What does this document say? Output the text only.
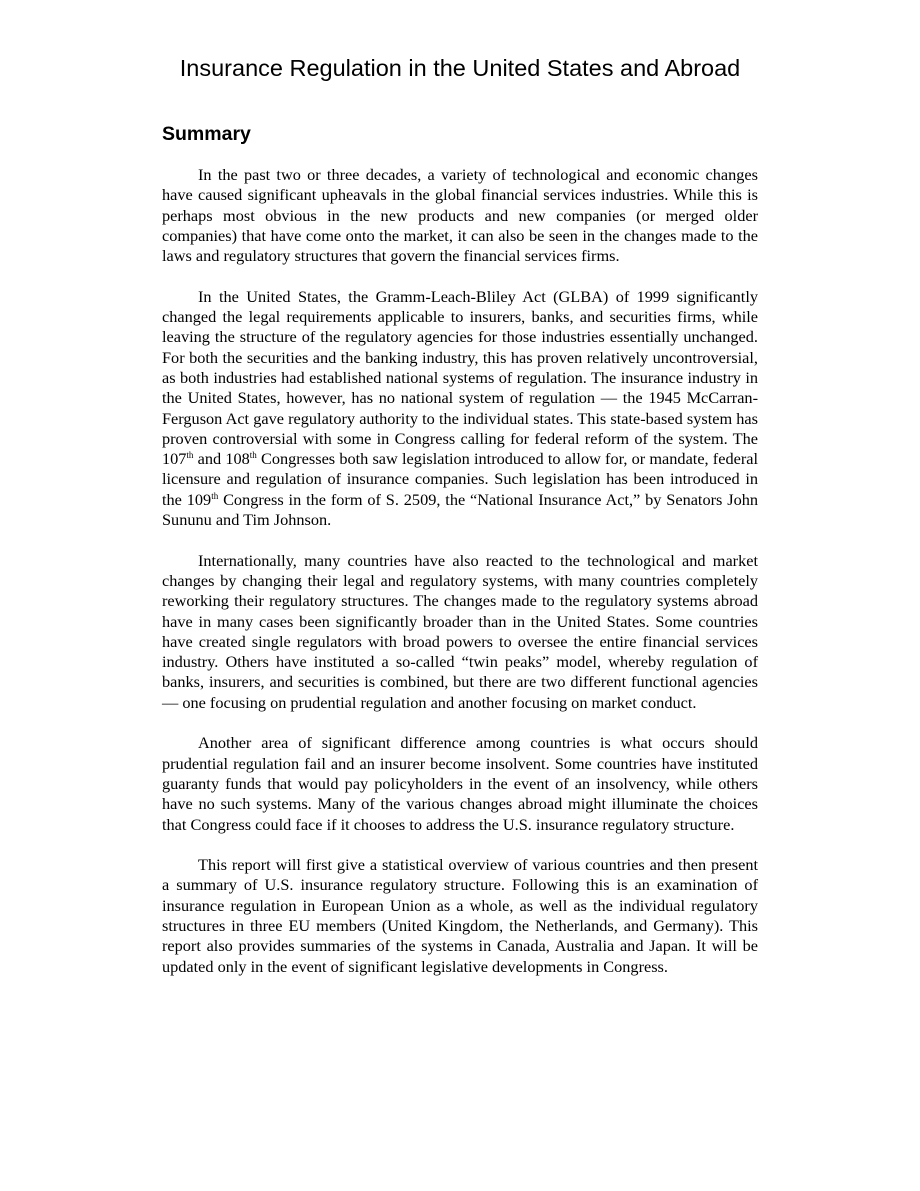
Insurance Regulation in the United States and Abroad
Summary

In the past two or three decades, a variety of technological and economic changes have caused significant upheavals in the global financial services industries. While this is perhaps most obvious in the new products and new companies (or merged older companies) that have come onto the market, it can also be seen in the changes made to the laws and regulatory structures that govern the financial services firms.

In the United States, the Gramm-Leach-Bliley Act (GLBA) of 1999 significantly changed the legal requirements applicable to insurers, banks, and securities firms, while leaving the structure of the regulatory agencies for those industries essentially unchanged. For both the securities and the banking industry, this has proven relatively uncontroversial, as both industries had established national systems of regulation. The insurance industry in the United States, however, has no national system of regulation — the 1945 McCarran-Ferguson Act gave regulatory authority to the individual states. This state-based system has proven controversial with some in Congress calling for federal reform of the system. The 107th and 108th Congresses both saw legislation introduced to allow for, or mandate, federal licensure and regulation of insurance companies. Such legislation has been introduced in the 109th Congress in the form of S. 2509, the “National Insurance Act,” by Senators John Sununu and Tim Johnson.

Internationally, many countries have also reacted to the technological and market changes by changing their legal and regulatory systems, with many countries completely reworking their regulatory structures. The changes made to the regulatory systems abroad have in many cases been significantly broader than in the United States. Some countries have created single regulators with broad powers to oversee the entire financial services industry. Others have instituted a so-called “twin peaks” model, whereby regulation of banks, insurers, and securities is combined, but there are two different functional agencies — one focusing on prudential regulation and another focusing on market conduct.

Another area of significant difference among countries is what occurs should prudential regulation fail and an insurer become insolvent. Some countries have instituted guaranty funds that would pay policyholders in the event of an insolvency, while others have no such systems. Many of the various changes abroad might illuminate the choices that Congress could face if it chooses to address the U.S. insurance regulatory structure.

This report will first give a statistical overview of various countries and then present a summary of U.S. insurance regulatory structure. Following this is an examination of insurance regulation in European Union as a whole, as well as the individual regulatory structures in three EU members (United Kingdom, the Netherlands, and Germany). This report also provides summaries of the systems in Canada, Australia and Japan. It will be updated only in the event of significant legislative developments in Congress.
